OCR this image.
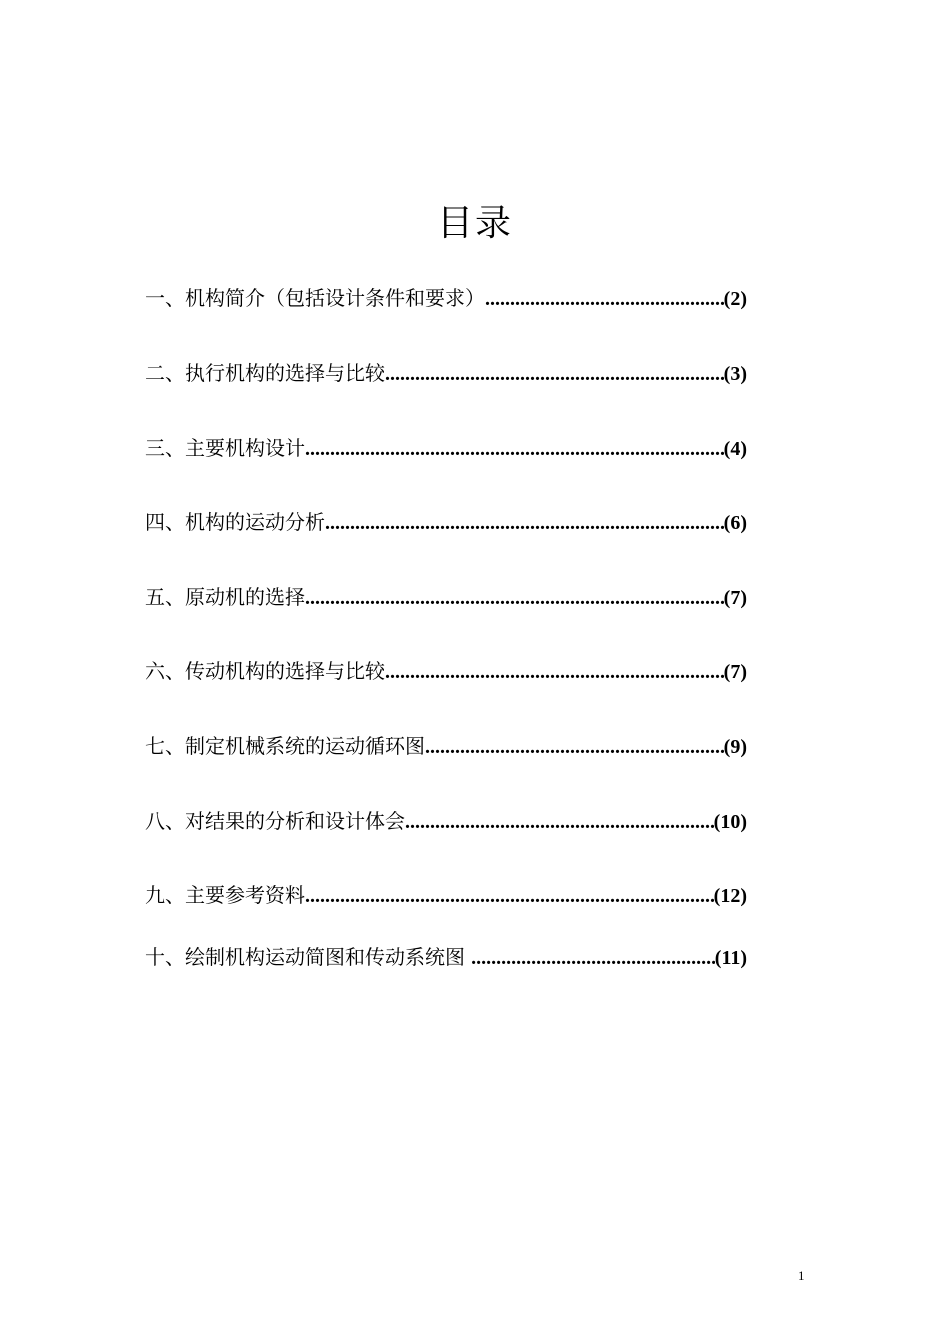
目录
一、机构简介（包括设计条件和要求） .....	(2)
二、执行机构的选择与比较 .....	(3)
三、主要机构设计 .....	(4)
四、机构的运动分析 .....	(6)
五、原动机的选择 .....	(7)
六、传动机构的选择与比较 .....	(7)
七、制定机械系统的运动循环图 .....	(9)
八、对结果的分析和设计体会 .....	(10)
九、主要参考资料 .....	(12)
十、绘制机构运动简图和传动系统图 .....	(11)
1
